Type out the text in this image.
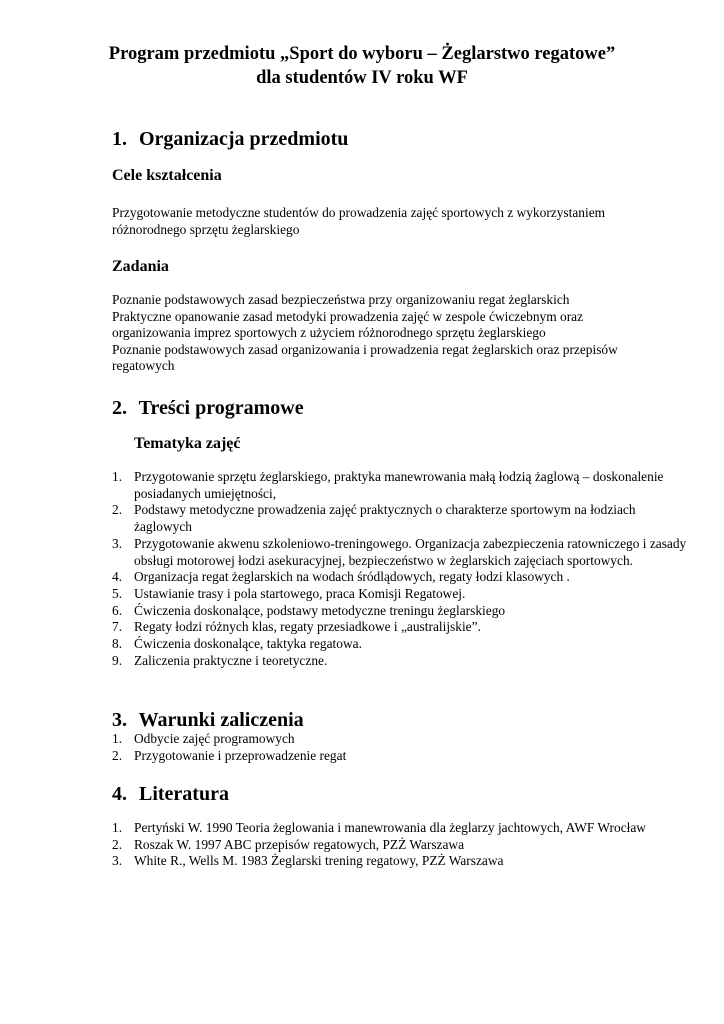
Program przedmiotu „Sport do wyboru – Żeglarstwo regatowe”
dla studentów IV roku WF
1. Organizacja przedmiotu
Cele kształcenia
Przygotowanie metodyczne studentów do prowadzenia zajęć sportowych z wykorzystaniem
różnorodnego sprzętu żeglarskiego
Zadania
Poznanie podstawowych zasad bezpieczeństwa przy organizowaniu regat żeglarskich
Praktyczne opanowanie zasad metodyki prowadzenia zajęć w zespole ćwiczebnym oraz
organizowania imprez sportowych z użyciem różnorodnego sprzętu żeglarskiego
Poznanie podstawowych zasad organizowania i prowadzenia regat żeglarskich oraz przepisów
regatowych
2. Treści programowe
Tematyka zajęć
1. Przygotowanie sprzętu żeglarskiego, praktyka manewrowania małą łodzią żaglową – doskonalenie posiadanych umiejętności,
2. Podstawy metodyczne prowadzenia zajęć praktycznych o charakterze sportowym na łodziach żaglowych
3. Przygotowanie akwenu szkoleniowo-treningowego. Organizacja zabezpieczenia ratowniczego i zasady obsługi motorowej łodzi asekuracyjnej, bezpieczeństwo w żeglarskich zajęciach sportowych.
4. Organizacja regat żeglarskich na wodach śródlądowych, regaty łodzi klasowych .
5. Ustawianie trasy i pola startowego, praca Komisji Regatowej.
6. Ćwiczenia doskonalące, podstawy metodyczne treningu żeglarskiego
7. Regaty łodzi różnych klas, regaty przesiadkowe i „australijskie”.
8. Ćwiczenia doskonalące, taktyka regatowa.
9. Zaliczenia praktyczne i teoretyczne.
3. Warunki zaliczenia
1. Odbycie zajęć programowych
2. Przygotowanie i przeprowadzenie regat
4. Literatura
1. Pertyński W. 1990 Teoria żeglowania i manewrowania dla żeglarzy jachtowych, AWF Wrocław
2. Roszak W. 1997 ABC przepisów regatowych, PZŻ Warszawa
3. White R., Wells M. 1983 Żeglarski trening regatowy, PZŻ Warszawa
